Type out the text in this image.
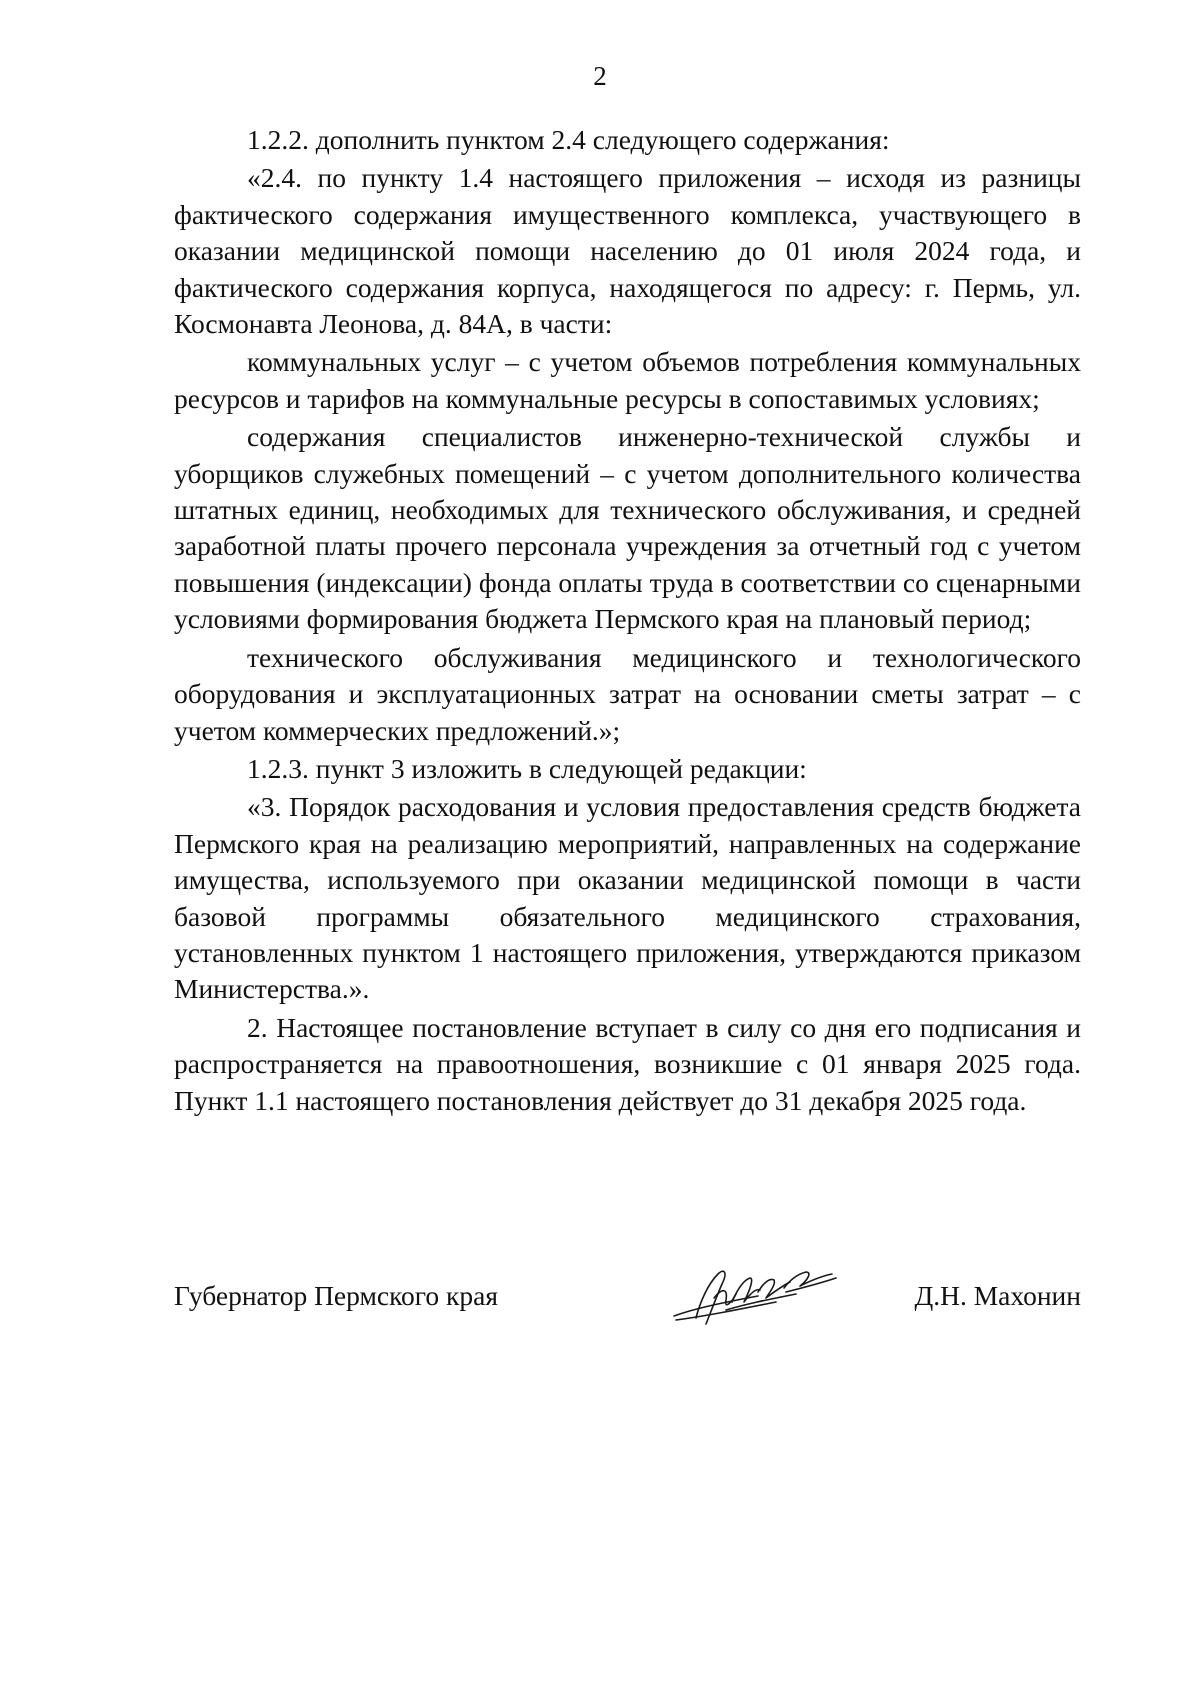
2

1.2.2. дополнить пунктом 2.4 следующего содержания:

«2.4. по пункту 1.4 настоящего приложения – исходя из разницы фактического содержания имущественного комплекса, участвующего в оказании медицинской помощи населению до 01 июля 2024 года, и фактического содержания корпуса, находящегося по адресу: г. Пермь, ул. Космонавта Леонова, д. 84А, в части:

коммунальных услуг – с учетом объемов потребления коммунальных ресурсов и тарифов на коммунальные ресурсы в сопоставимых условиях;

содержания специалистов инженерно-технической службы и уборщиков служебных помещений – с учетом дополнительного количества штатных единиц, необходимых для технического обслуживания, и средней заработной платы прочего персонала учреждения за отчетный год с учетом повышения (индексации) фонда оплаты труда в соответствии со сценарными условиями формирования бюджета Пермского края на плановый период;

технического обслуживания медицинского и технологического оборудования и эксплуатационных затрат на основании сметы затрат – с учетом коммерческих предложений.»;

1.2.3. пункт 3 изложить в следующей редакции:

«3. Порядок расходования и условия предоставления средств бюджета Пермского края на реализацию мероприятий, направленных на содержание имущества, используемого при оказании медицинской помощи в части базовой программы обязательного медицинского страхования, установленных пунктом 1 настоящего приложения, утверждаются приказом Министерства.».

2. Настоящее постановление вступает в силу со дня его подписания и распространяется на правоотношения, возникшие с 01 января 2025 года. Пункт 1.1 настоящего постановления действует до 31 декабря 2025 года.

Губернатор Пермского края	Д.Н. Махонин
